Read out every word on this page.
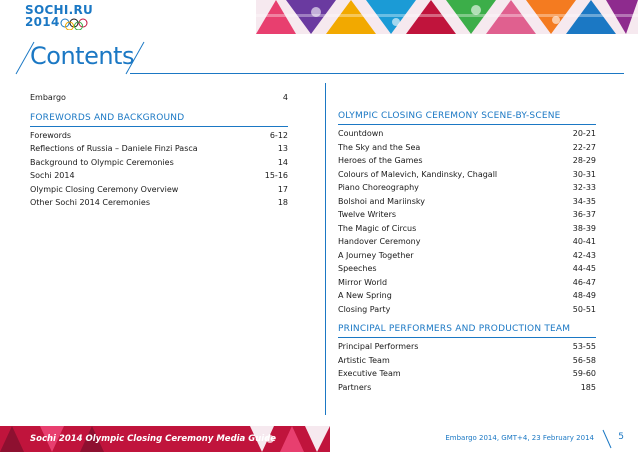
SOCHI.RU
2014
Contents
Embargo	4
FOREWORDS AND BACKGROUND
Forewords	6-12
Reflections of Russia – Daniele Finzi Pasca	13
Background to Olympic Ceremonies	14
Sochi 2014	15-16
Olympic Closing Ceremony Overview	17
Other Sochi 2014 Ceremonies	18
OLYMPIC CLOSING CEREMONY SCENE-BY-SCENE
Countdown	20-21
The Sky and the Sea	22-27
Heroes of the Games	28-29
Colours of Malevich, Kandinsky, Chagall	30-31
Piano Choreography	32-33
Bolshoi and Mariinsky	34-35
Twelve Writers	36-37
The Magic of Circus	38-39
Handover Ceremony	40-41
A Journey Together	42-43
Speeches	44-45
Mirror World	46-47
A New Spring	48-49
Closing Party	50-51
PRINCIPAL PERFORMERS AND PRODUCTION TEAM
Principal Performers	53-55
Artistic Team	56-58
Executive Team	59-60
Partners	185
Sochi 2014 Olympic Closing Ceremony Media Guide	Embargo 2014, GMT+4, 23 February 2014	5
